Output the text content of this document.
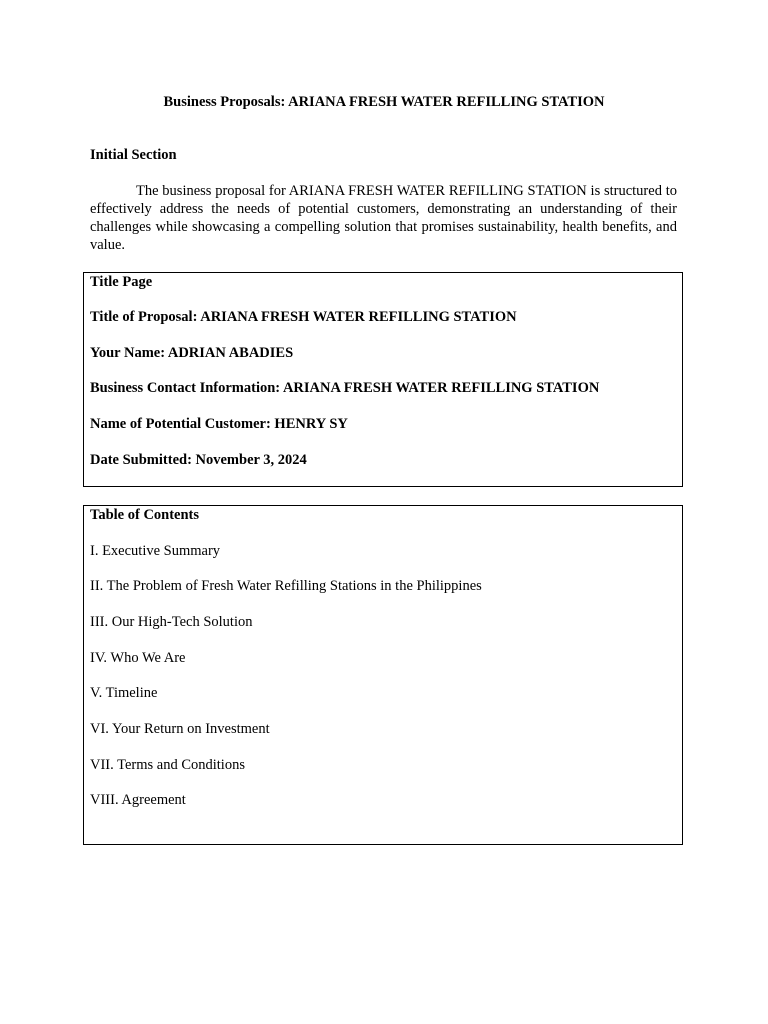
Business Proposals: ARIANA FRESH WATER REFILLING STATION
Initial Section

The business proposal for ARIANA FRESH WATER REFILLING STATION is structured to effectively address the needs of potential customers, demonstrating an understanding of their challenges while showcasing a compelling solution that promises sustainability, health benefits, and value.

Title Page
Title of Proposal: ARIANA FRESH WATER REFILLING STATION
Your Name: ADRIAN ABADIES
Business Contact Information: ARIANA FRESH WATER REFILLING STATION
Name of Potential Customer: HENRY SY
Date Submitted: November 3, 2024
Table of Contents
I. Executive Summary
II. The Problem of Fresh Water Refilling Stations in the Philippines
III. Our High-Tech Solution
IV. Who We Are
V. Timeline
VI. Your Return on Investment
VII. Terms and Conditions
VIII. Agreement
